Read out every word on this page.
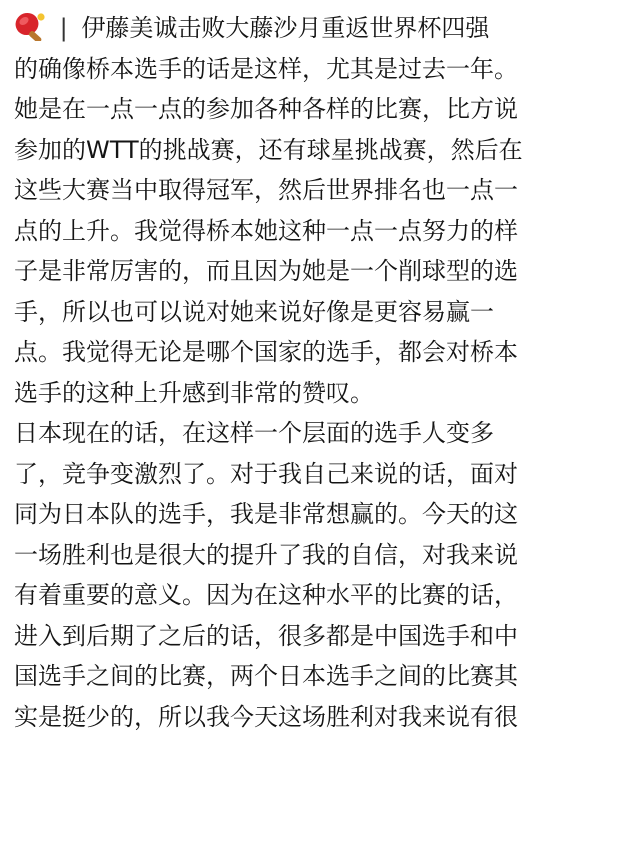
| 伊藤美诚击败大藤沙月重返世界杯四强
的确像桥本选手的话是这样，尤其是过去一年。
她是在一点一点的参加各种各样的比赛，比方说
参加的WTT的挑战赛，还有球星挑战赛，然后在
这些大赛当中取得冠军，然后世界排名也一点一
点的上升。我觉得桥本她这种一点一点努力的样
子是非常厉害的，而且因为她是一个削球型的选
手，所以也可以说对她来说好像是更容易赢一
点。我觉得无论是哪个国家的选手，都会对桥本
选手的这种上升感到非常的赞叹。
日本现在的话，在这样一个层面的选手人变多
了，竞争变激烈了。对于我自己来说的话，面对
同为日本队的选手，我是非常想赢的。今天的这
一场胜利也是很大的提升了我的自信，对我来说
有着重要的意义。因为在这种水平的比赛的话，
进入到后期了之后的话，很多都是中国选手和中
国选手之间的比赛，两个日本选手之间的比赛其
实是挺少的，所以我今天这场胜利对我来说有很
